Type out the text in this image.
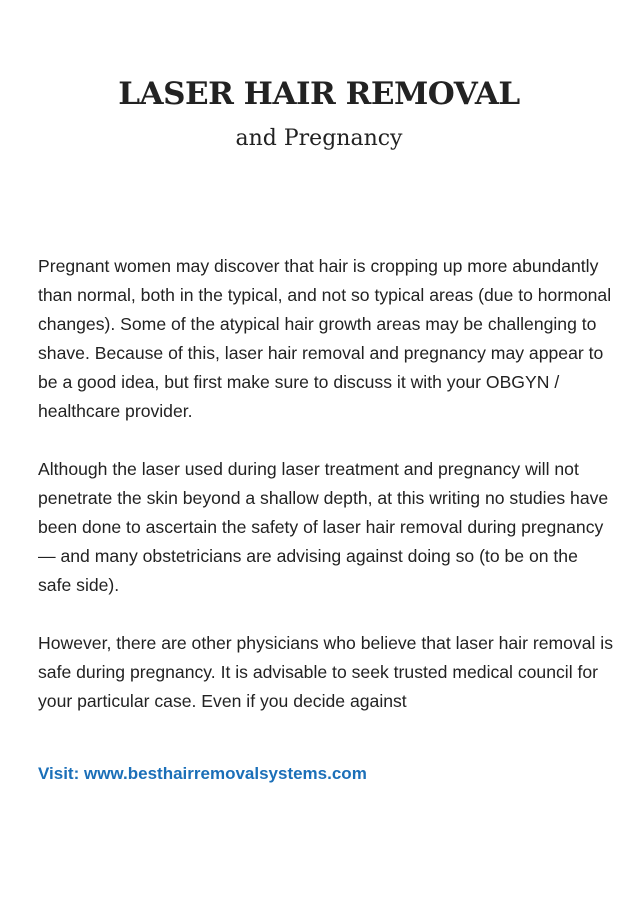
LASER HAIR REMOVAL
and Pregnancy

Pregnant women may discover that hair is cropping up more abundantly than normal, both in the typical, and not so typical areas (due to hormonal changes). Some of the atypical hair growth areas may be challenging to shave. Because of this, laser hair removal and pregnancy may appear to be a good idea, but first make sure to discuss it with your OBGYN / healthcare provider.

Although the laser used during laser treatment and pregnancy will not penetrate the skin beyond a shallow depth, at this writing no studies have been done to ascertain the safety of laser hair removal during pregnancy — and many obstetricians are advising against doing so (to be on the safe side).

However, there are other physicians who believe that laser hair removal is safe during pregnancy. It is advisable to seek trusted medical council for your particular case. Even if you decide against

Visit: www.besthairremovalsystems.com
